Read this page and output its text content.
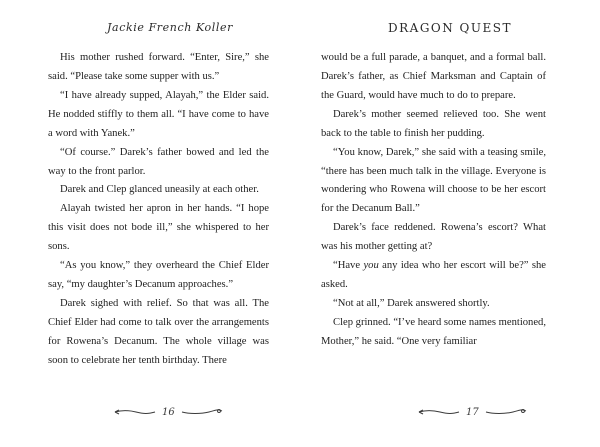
Jackie French Koller

His mother rushed forward. “Enter, Sire,” she said. “Please take some supper with us.”

“I have already supped, Alayah,” the Elder said. He nodded stiffly to them all. “I have come to have a word with Yanek.”

“Of course.” Darek’s father bowed and led the way to the front parlor.

Darek and Clep glanced uneasily at each other.

Alayah twisted her apron in her hands. “I hope this visit does not bode ill,” she whispered to her sons.

“As you know,” they overheard the Chief Elder say, “my daughter’s Decanum approaches.”

Darek sighed with relief. So that was all. The Chief Elder had come to talk over the arrangements for Rowena’s Decanum. The whole village was soon to celebrate her tenth birthday. There

16
DRAGON QUEST

would be a full parade, a banquet, and a formal ball. Darek’s father, as Chief Marksman and Captain of the Guard, would have much to do to prepare.

Darek’s mother seemed relieved too. She went back to the table to finish her pudding.

“You know, Darek,” she said with a teasing smile, “there has been much talk in the village. Everyone is wondering who Rowena will choose to be her escort for the Decanum Ball.”

Darek’s face reddened. Rowena’s escort? What was his mother getting at?

“Have you any idea who her escort will be?” she asked.

“Not at all,” Darek answered shortly.

Clep grinned. “I’ve heard some names mentioned, Mother,” he said. “One very familiar

17
